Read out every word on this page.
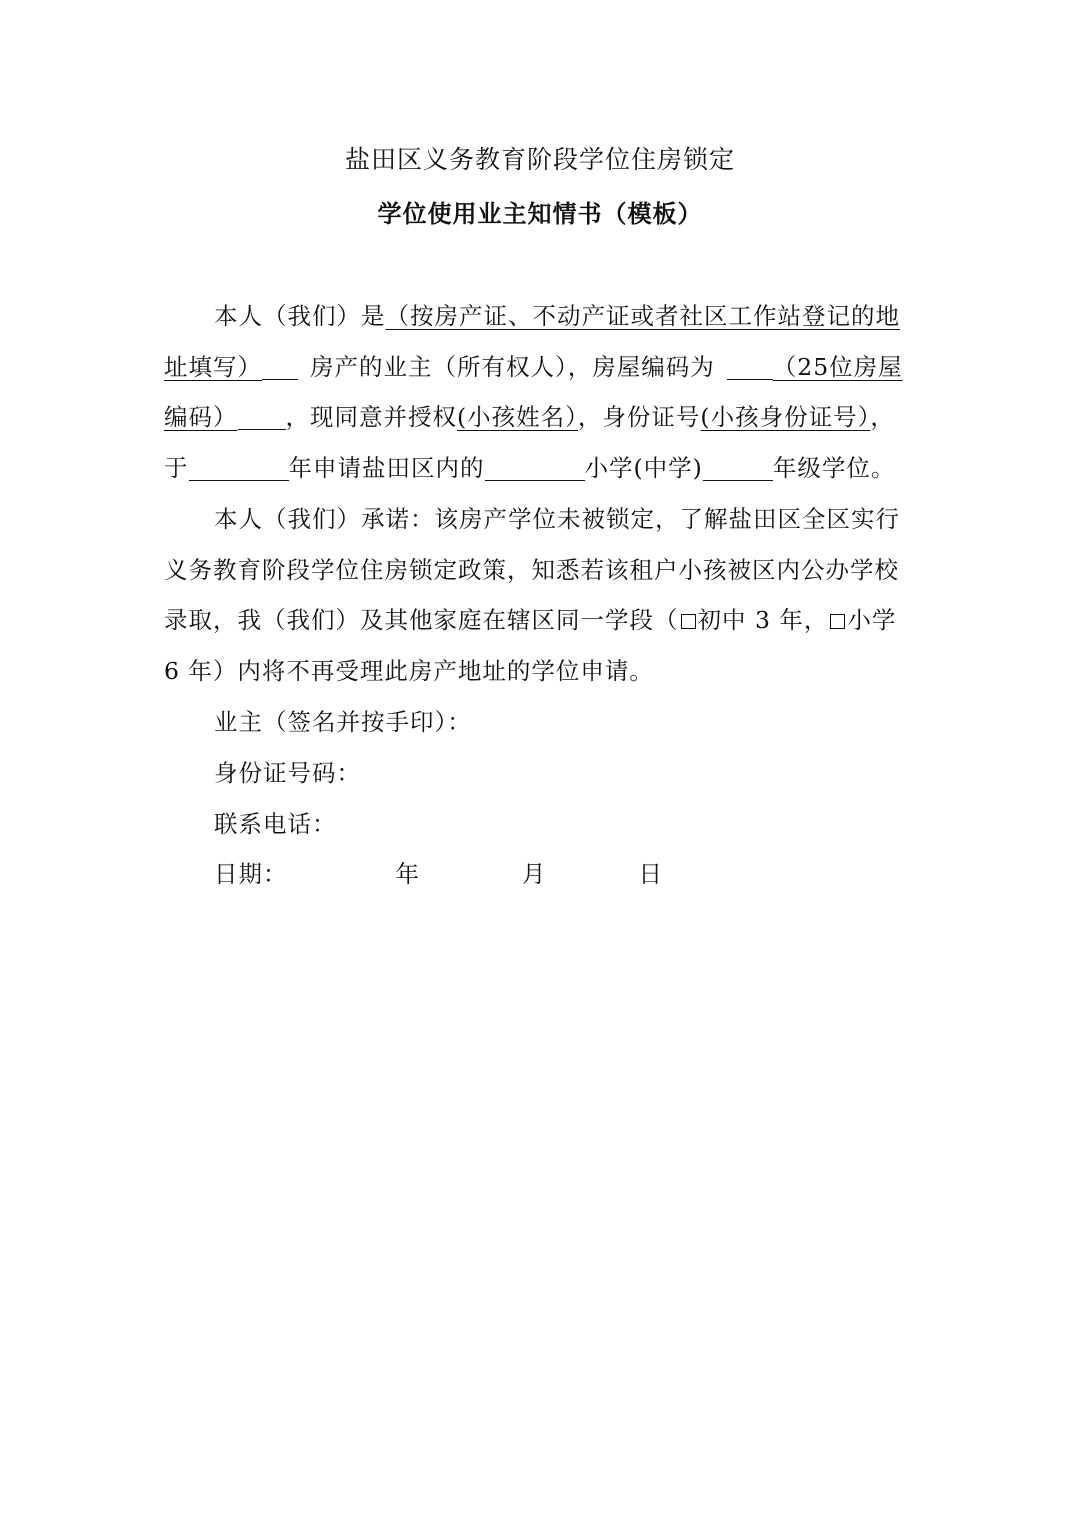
盐田区义务教育阶段学位住房锁定
学位使用业主知情书（模板）
本人（我们）是（按房产证、不动产证或者社区工作站登记的地
址填写） 房产的业主（所有权人），房屋编码为 （25位房屋
编码） ，现同意并授权(小孩姓名），身份证号(小孩身份证号），
于	年申请盐田区内的	小学(中学)	年级学位。
本人（我们）承诺：该房产学位未被锁定，了解盐田区全区实行
义务教育阶段学位住房锁定政策，知悉若该租户小孩被区内公办学校
录取，我（我们）及其他家庭在辖区同一学段（ 初中 3 年， 小学
6 年）内将不再受理此房产地址的学位申请。
业主（签名并按手印）：
身份证号码：
联系电话：
日期：	年	月	日
